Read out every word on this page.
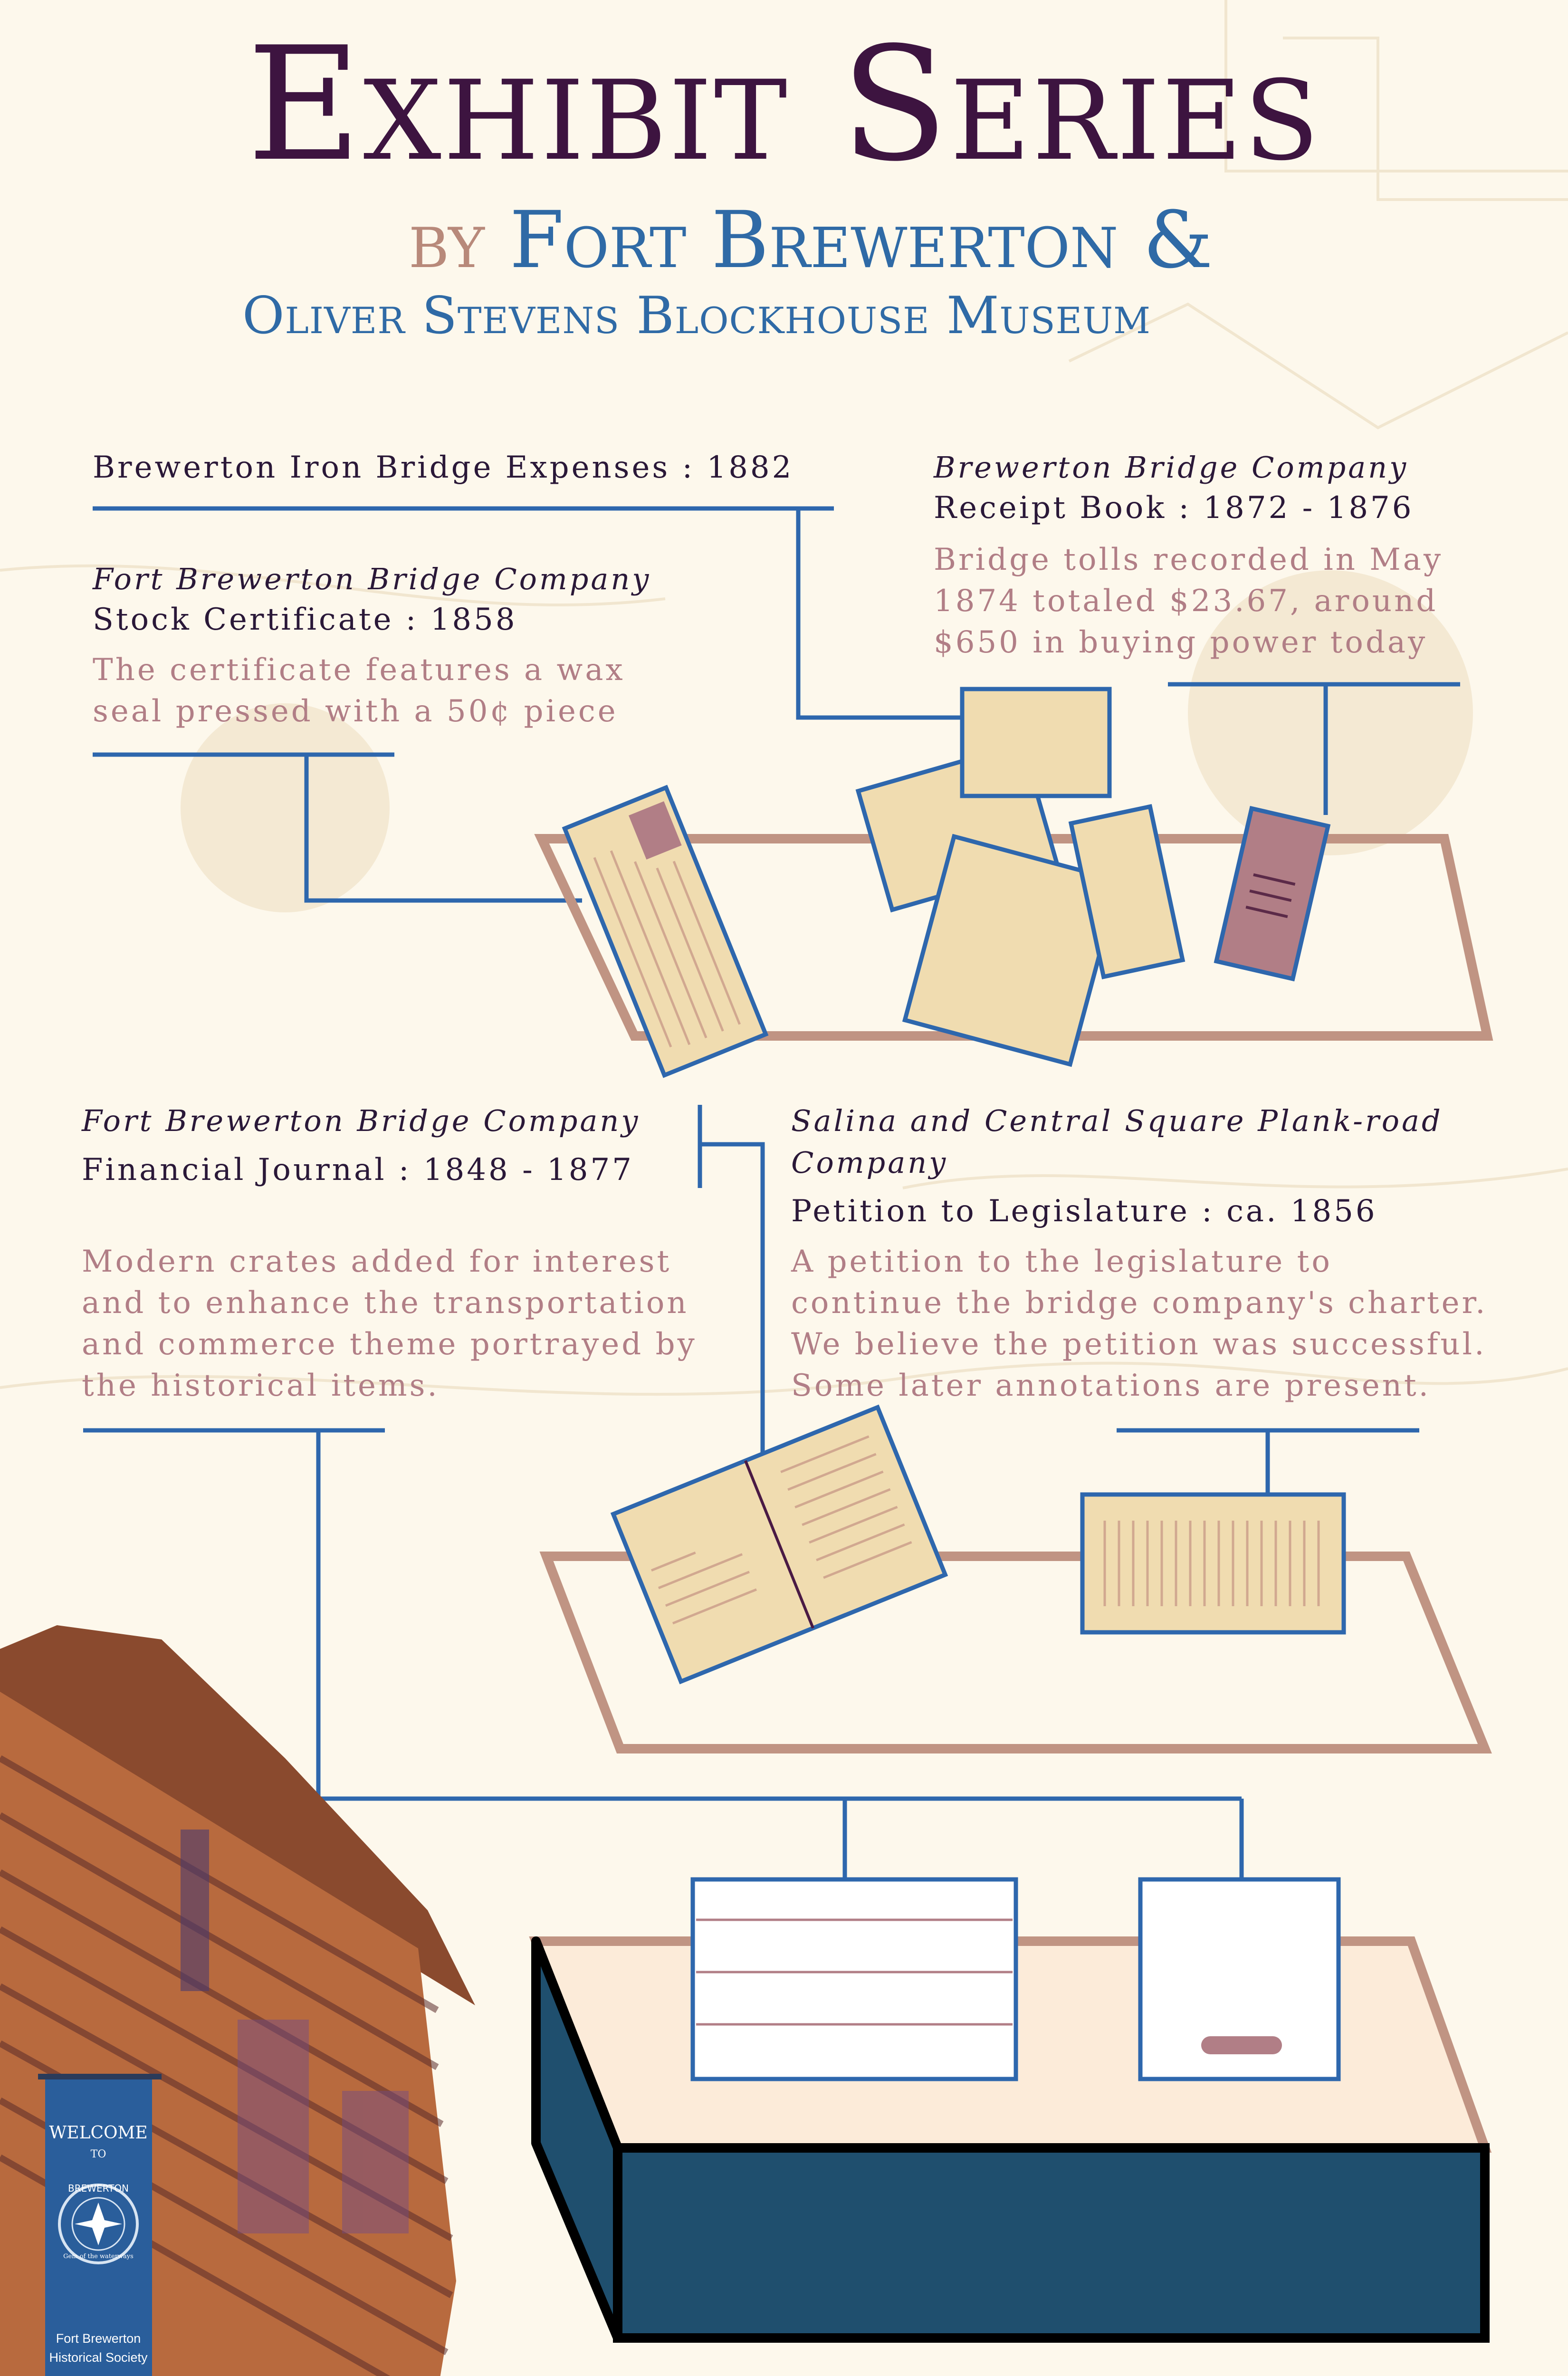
Exhibit Series
by Fort Brewerton &
Oliver Stevens Blockhouse Museum
WELCOME
TO
BREWERTON
Gem of the waterways
Fort Brewerton
Historical Society
Brewerton Iron Bridge Expenses : 1882	Brewerton Bridge Company
Receipt Book : 1872 - 1876
Bridge tolls recorded in May
1874 totaled $23.67, around
$650 in buying power today
Fort Brewerton Bridge Company
Stock Certificate : 1858
The certificate features a wax
seal pressed with a 50¢ piece
Fort Brewerton Bridge Company
Financial Journal : 1848 - 1877
Modern crates added for interest
and to enhance the transportation
and commerce theme portrayed by
the historical items.
Salina and Central Square Plank-road
Company
Petition to Legislature : ca. 1856
A petition to the legislature to
continue the bridge company's charter.
We believe the petition was successful.
Some later annotations are present.
